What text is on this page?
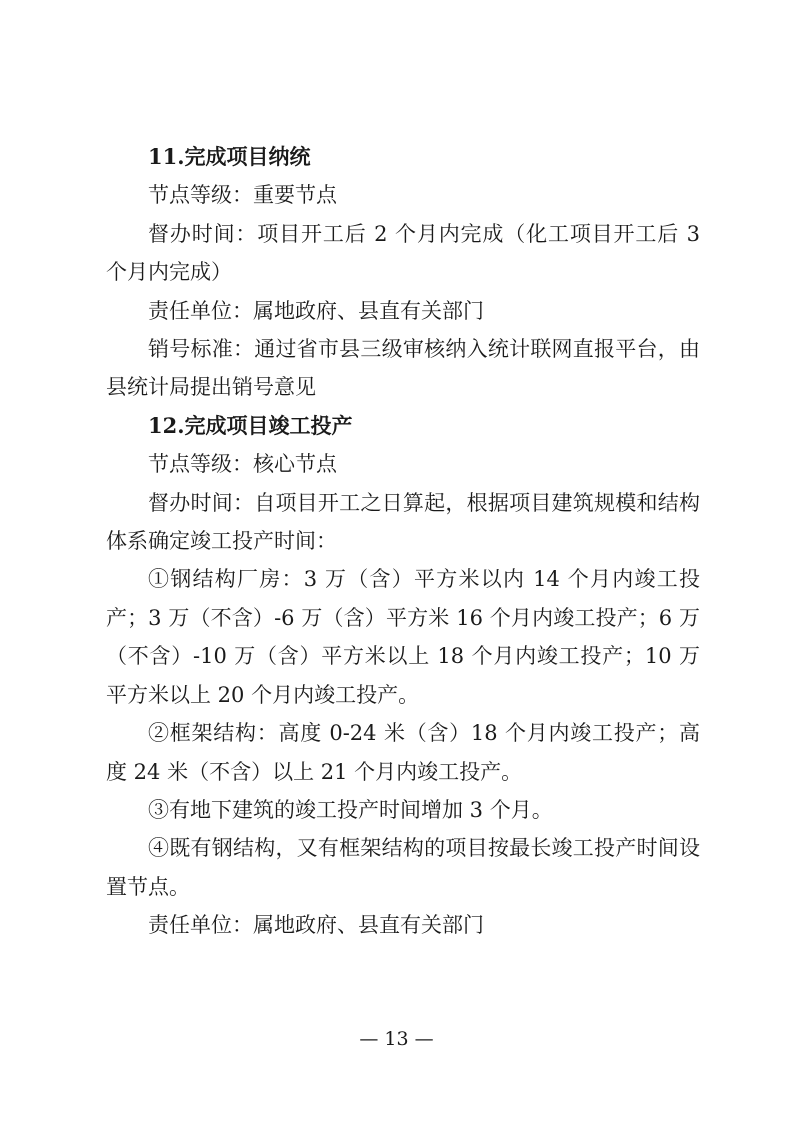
11.完成项目纳统

节点等级：重要节点

督办时间：项目开工后 2 个月内完成（化工项目开工后 3 个月内完成）

责任单位：属地政府、县直有关部门

销号标准：通过省市县三级审核纳入统计联网直报平台，由县统计局提出销号意见

12.完成项目竣工投产

节点等级：核心节点

督办时间：自项目开工之日算起，根据项目建筑规模和结构体系确定竣工投产时间：

①钢结构厂房：3 万（含）平方米以内 14 个月内竣工投产；3 万（不含）-6 万（含）平方米 16 个月内竣工投产；6 万（不含）-10 万（含）平方米以上 18 个月内竣工投产；10 万平方米以上 20 个月内竣工投产。

②框架结构：高度 0-24 米（含）18 个月内竣工投产；高度 24 米（不含）以上 21 个月内竣工投产。

③有地下建筑的竣工投产时间增加 3 个月。

④既有钢结构，又有框架结构的项目按最长竣工投产时间设置节点。

责任单位：属地政府、县直有关部门

— 13 —
